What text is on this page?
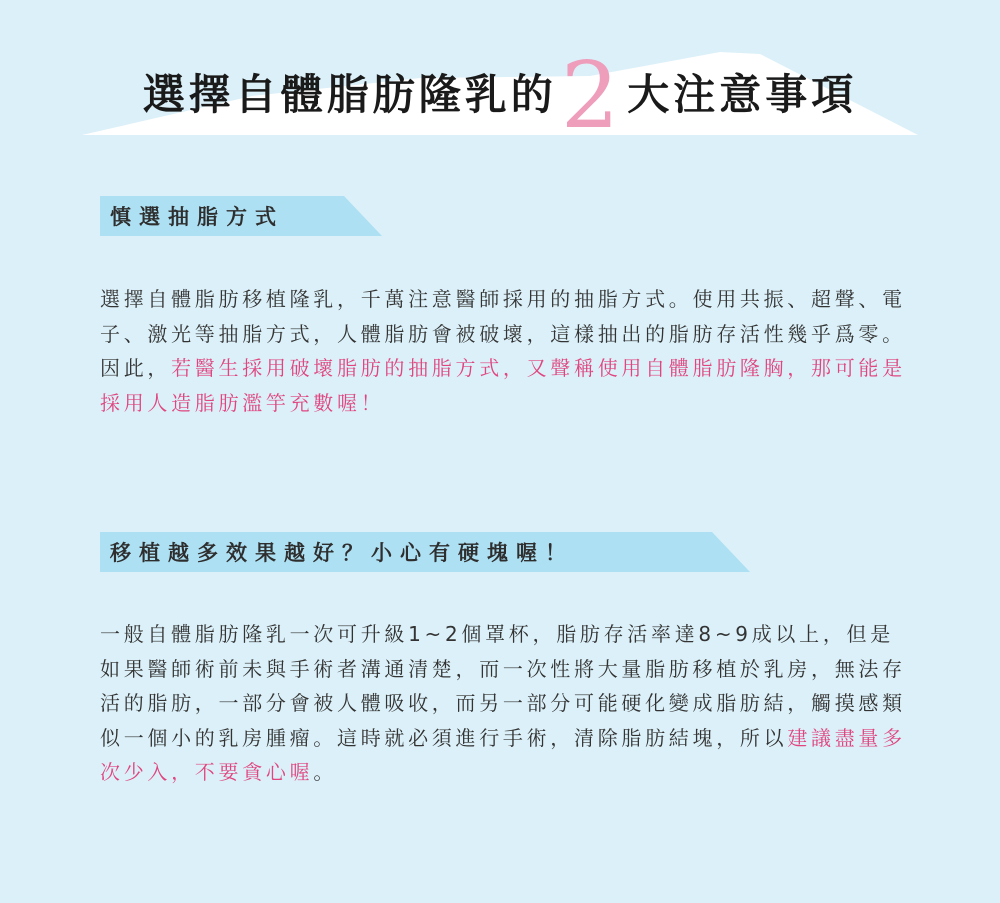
選擇自體脂肪隆乳的2大注意事項
慎選抽脂方式
選擇自體脂肪移植隆乳，千萬注意醫師採用的抽脂方式。使用共振、超聲、電子、激光等抽脂方式，人體脂肪會被破壞，這樣抽出的脂肪存活性幾乎爲零。因此，若醫生採用破壞脂肪的抽脂方式，又聲稱使用自體脂肪隆胸，那可能是採用人造脂肪濫竽充數喔！
移植越多效果越好？小心有硬塊喔！
一般自體脂肪隆乳一次可升級1~2個罩杯，脂肪存活率達8~9成以上，但是如果醫師術前未與手術者溝通清楚，而一次性將大量脂肪移植於乳房，無法存活的脂肪，一部分會被人體吸收，而另一部分可能硬化變成脂肪結，觸摸感類似一個小的乳房腫瘤。這時就必須進行手術，清除脂肪結塊，所以建議盡量多次少入，不要貪心喔。
